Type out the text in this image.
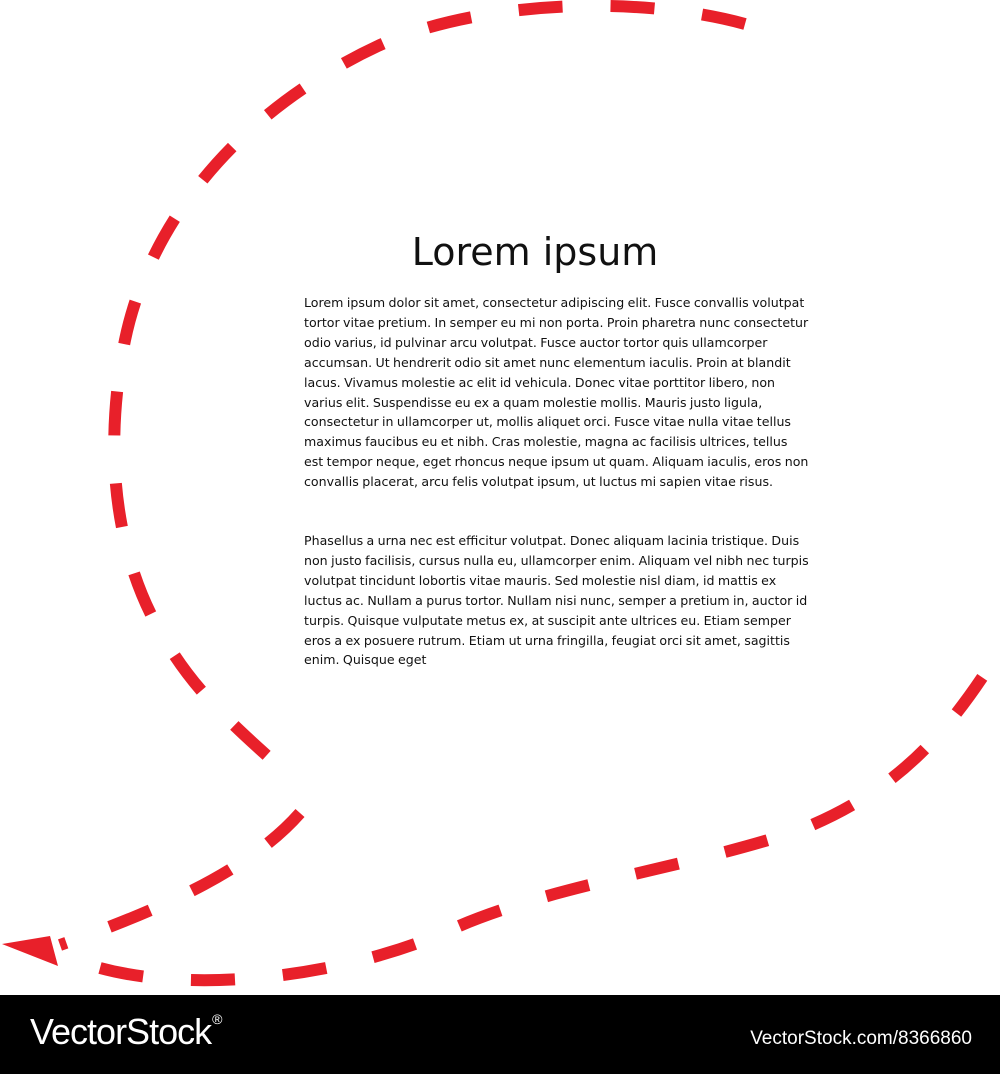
Lorem ipsum

Lorem ipsum dolor sit amet, consectetur adipiscing elit. Fusce convallis volutpat tortor vitae pretium. In semper eu mi non porta. Proin pharetra nunc consectetur odio varius, id pulvinar arcu volutpat. Fusce auctor tortor quis ullamcorper accumsan. Ut hendrerit odio sit amet nunc elementum iaculis. Proin at blandit lacus. Vivamus molestie ac elit id vehicula. Donec vitae porttitor libero, non varius elit. Suspendisse eu ex a quam molestie mollis. Mauris justo ligula, consectetur in ullamcorper ut, mollis aliquet orci. Fusce vitae nulla vitae tellus maximus faucibus eu et nibh. Cras molestie, magna ac facilisis ultrices, tellus est tempor neque, eget rhoncus neque ipsum ut quam. Aliquam iaculis, eros non convallis placerat, arcu felis volutpat ipsum, ut luctus mi sapien vitae risus.

Phasellus a urna nec est efficitur volutpat. Donec aliquam lacinia tristique. Duis non justo facilisis, cursus nulla eu, ullamcorper enim. Aliquam vel nibh nec turpis volutpat tincidunt lobortis vitae mauris. Sed molestie nisl diam, id mattis ex luctus ac. Nullam a purus tortor. Nullam nisi nunc, semper a pretium in, auctor id turpis. Quisque vulputate metus ex, at suscipit ante ultrices eu. Etiam semper eros a ex posuere rutrum. Etiam ut urna fringilla, feugiat orci sit amet, sagittis enim. Quisque eget

VectorStock®
VectorStock.com/8366860
